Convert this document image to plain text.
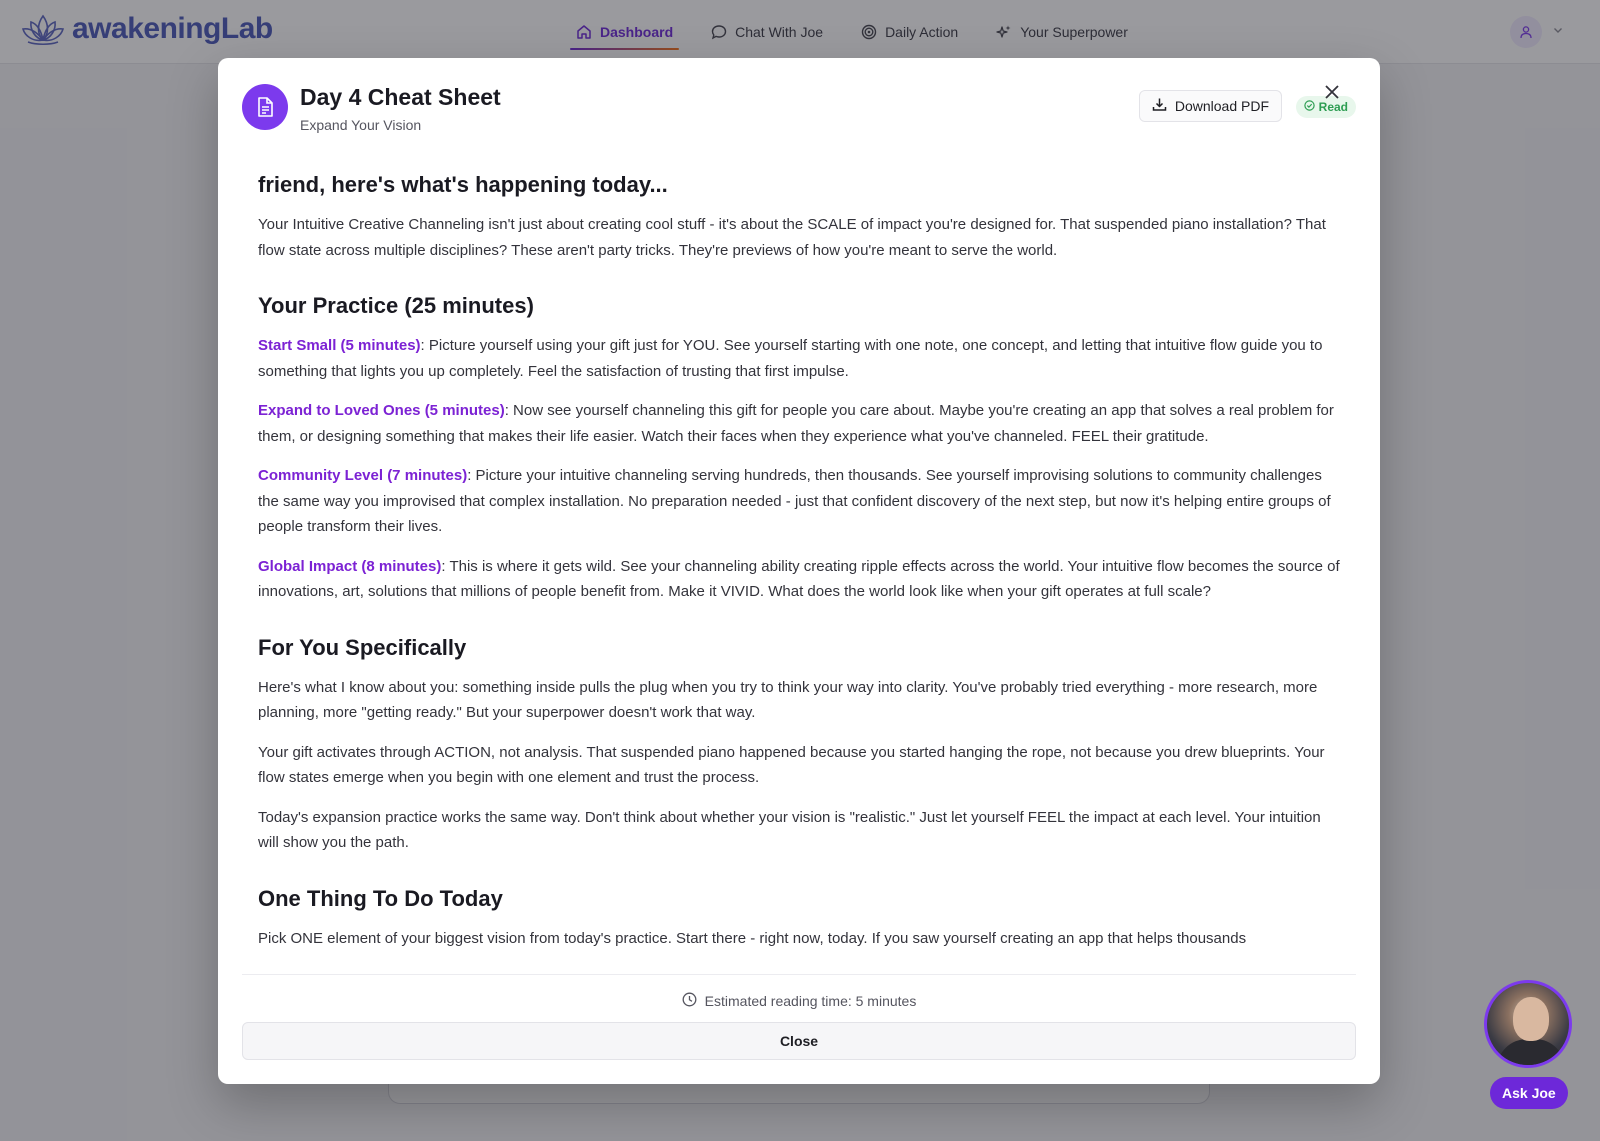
awakeningLab	Dashboard	Chat With Joe	Daily Action	Your Superpower
Day 4 Cheat Sheet
Expand Your Vision
Download PDF	Read
friend, here's what's happening today...

Your Intuitive Creative Channeling isn't just about creating cool stuff - it's about the SCALE of impact you're designed for. That suspended piano installation? That flow state across multiple disciplines? These aren't party tricks. They're previews of how you're meant to serve the world.

Your Practice (25 minutes)

Start Small (5 minutes): Picture yourself using your gift just for YOU. See yourself starting with one note, one concept, and letting that intuitive flow guide you to something that lights you up completely. Feel the satisfaction of trusting that first impulse.

Expand to Loved Ones (5 minutes): Now see yourself channeling this gift for people you care about. Maybe you're creating an app that solves a real problem for them, or designing something that makes their life easier. Watch their faces when they experience what you've channeled. FEEL their gratitude.

Community Level (7 minutes): Picture your intuitive channeling serving hundreds, then thousands. See yourself improvising solutions to community challenges the same way you improvised that complex installation. No preparation needed - just that confident discovery of the next step, but now it's helping entire groups of people transform their lives.

Global Impact (8 minutes): This is where it gets wild. See your channeling ability creating ripple effects across the world. Your intuitive flow becomes the source of innovations, art, solutions that millions of people benefit from. Make it VIVID. What does the world look like when your gift operates at full scale?

For You Specifically

Here's what I know about you: something inside pulls the plug when you try to think your way into clarity. You've probably tried everything - more research, more planning, more "getting ready." But your superpower doesn't work that way.

Your gift activates through ACTION, not analysis. That suspended piano happened because you started hanging the rope, not because you drew blueprints. Your flow states emerge when you begin with one element and trust the process.

Today's expansion practice works the same way. Don't think about whether your vision is "realistic." Just let yourself FEEL the impact at each level. Your intuition will show you the path.

One Thing To Do Today

Pick ONE element of your biggest vision from today's practice. Start there - right now, today. If you saw yourself creating an app that helps thousands

Estimated reading time: 5 minutes
Close
Ask Joe
